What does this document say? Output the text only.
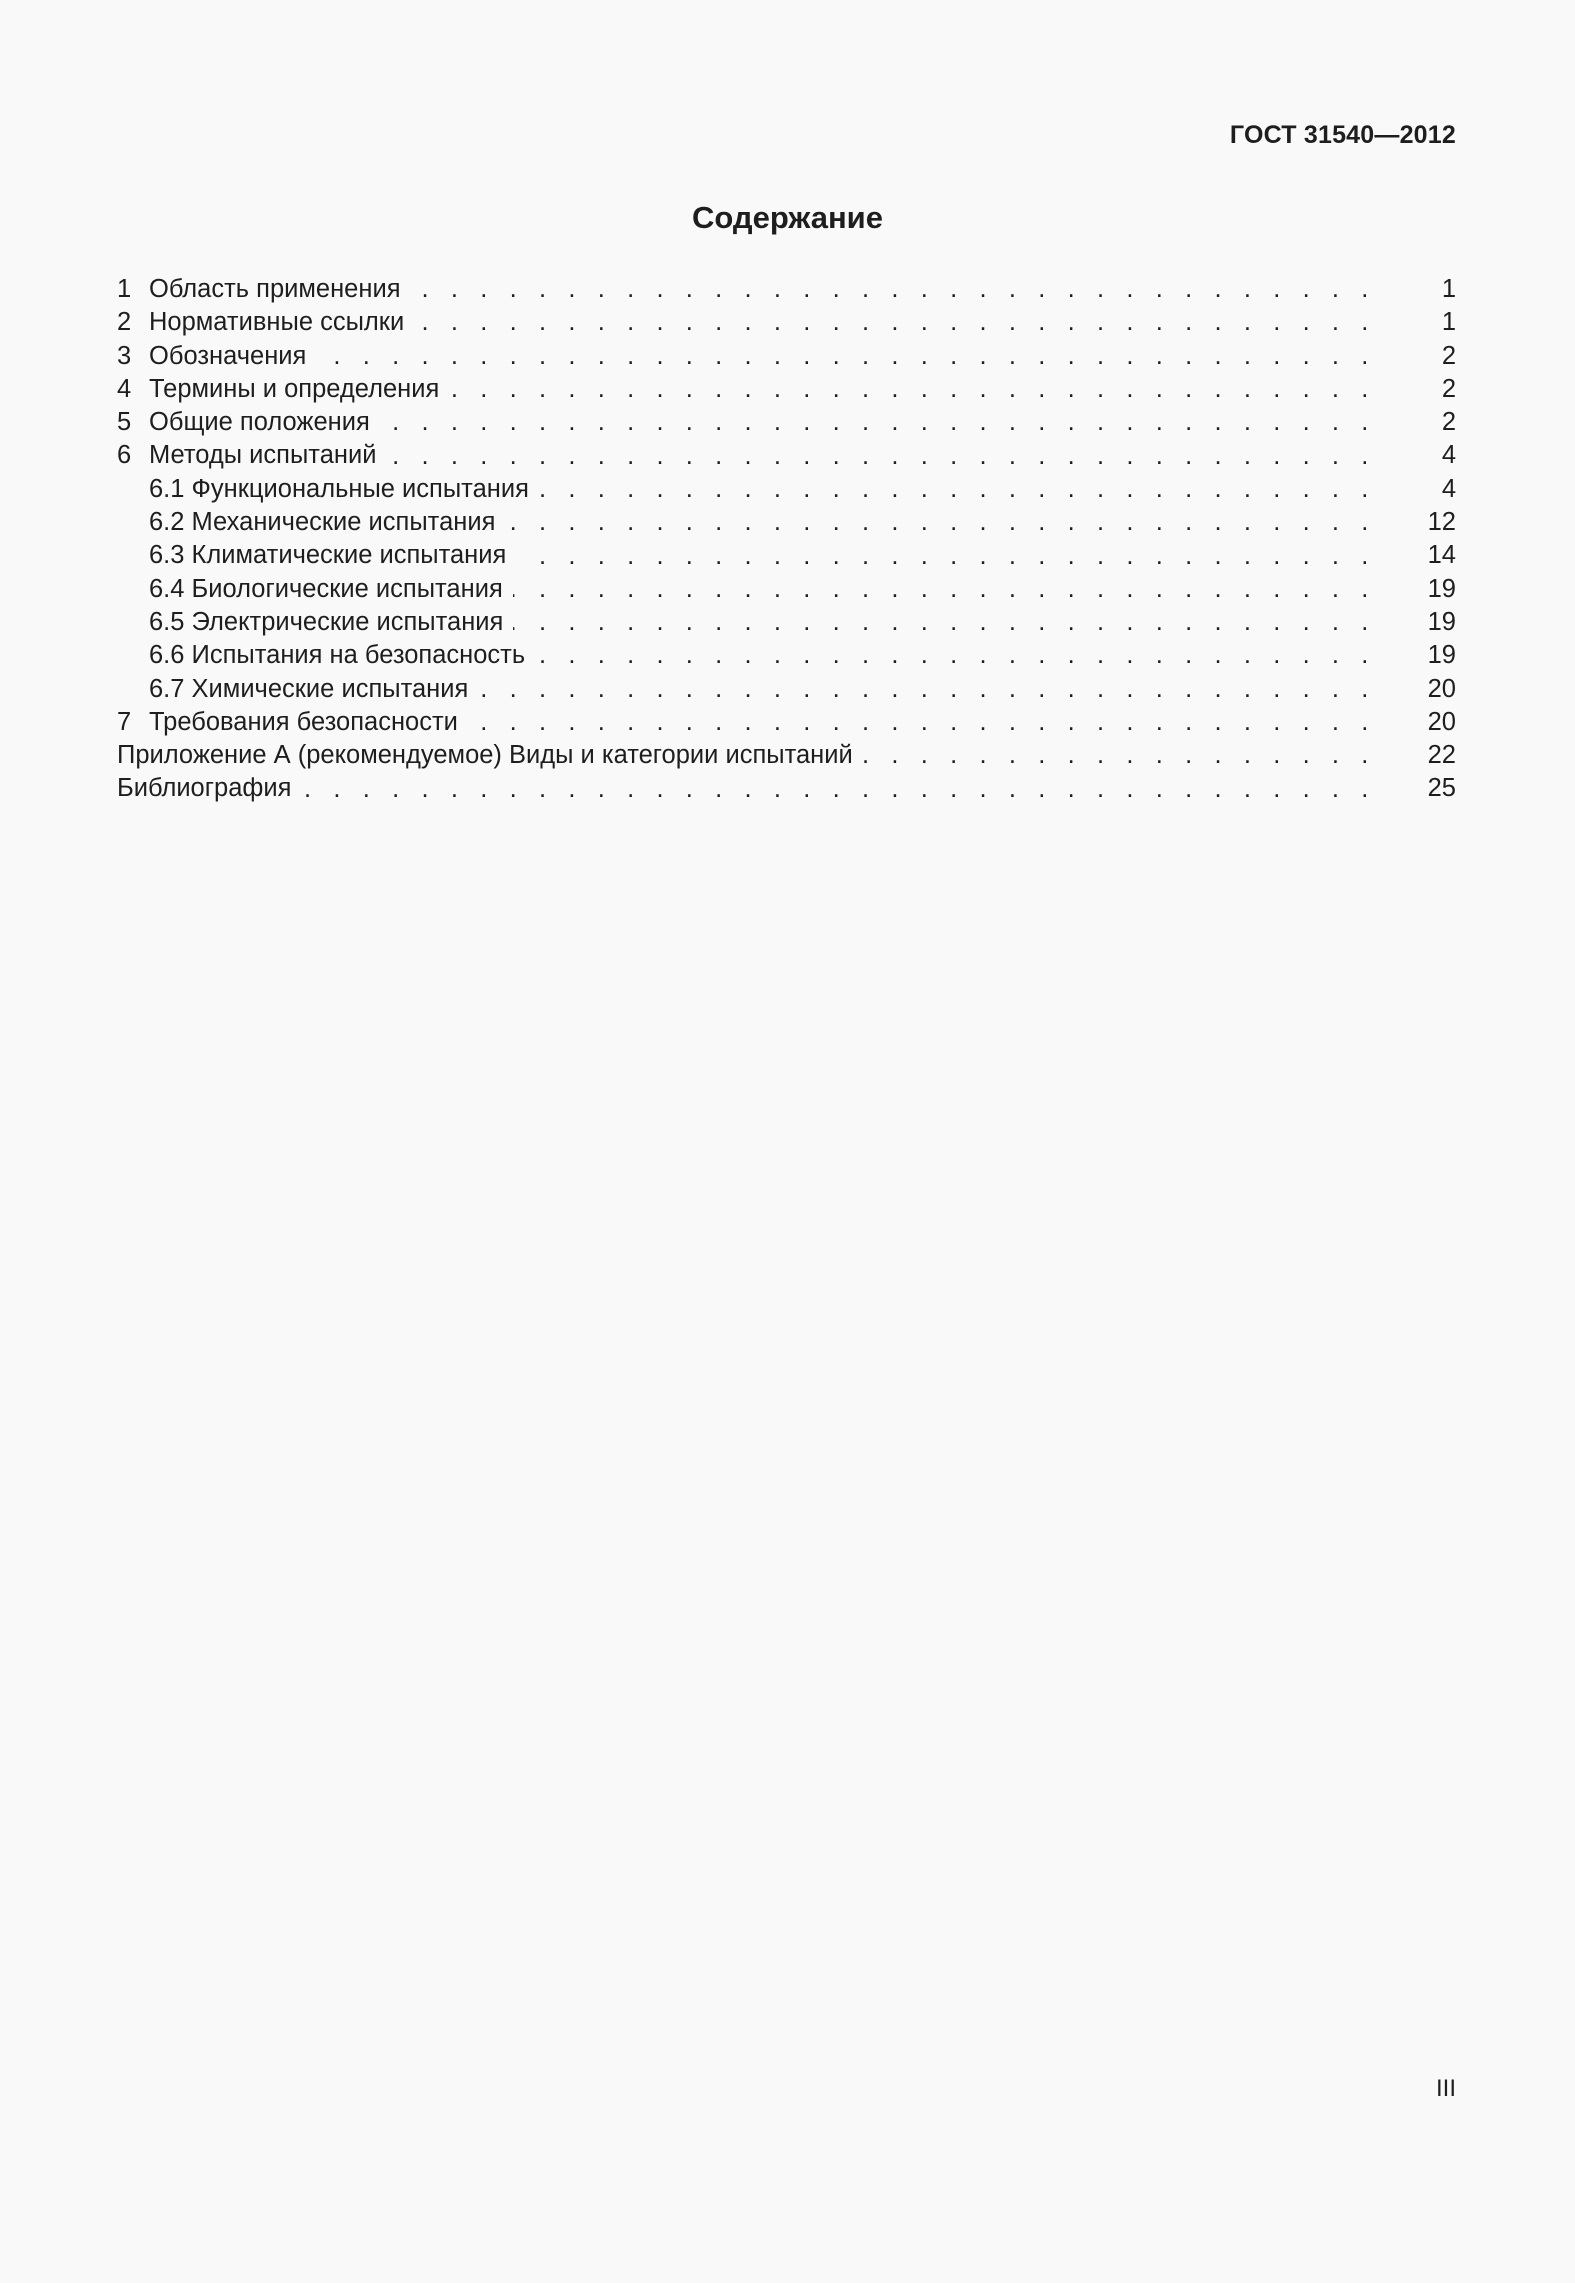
ГОСТ 31540—2012
Содержание
1 Область применения . . .	1
2 Нормативные ссылки . . .	1
3 Обозначения . . .	2
4 Термины и определения . . .	2
5 Общие положения . . .	2
6 Методы испытаний . . .	4
6.1 Функциональные испытания . . .	4
6.2 Механические испытания . . .	12
6.3 Климатические испытания . . .	14
6.4 Биологические испытания . . .	19
6.5 Электрические испытания . . .	19
6.6 Испытания на безопасность . . .	19
6.7 Химические испытания . . .	20
7 Требования безопасности . . .	20
Приложение А (рекомендуемое) Виды и категории испытаний . . .	22
Библиография . . .	25
III
